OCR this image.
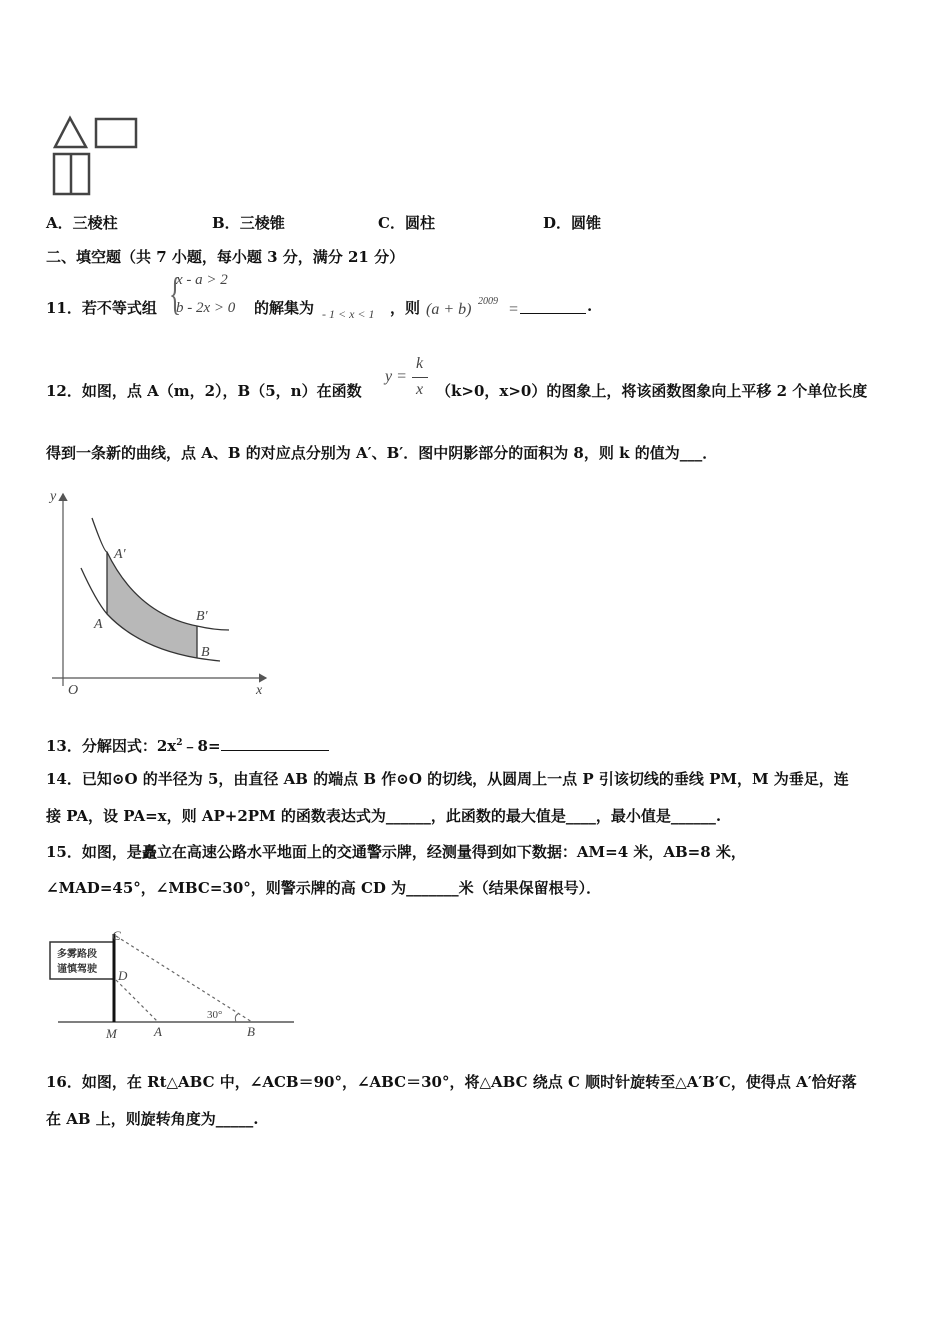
A．三棱柱	B．三棱锥	C．圆柱	D．圆锥
二、填空题（共 7 小题，每小题 3 分，满分 21 分）
11．若不等式组 {
x - a > 2
b - 2x > 0 的解集为 - 1 < x < 1 ，则 (a + b) 2009 =	.
12．如图，点 A（m，2），B（5，n）在函数
y =
k
x （k>0，x>0）的图象上，将该函数图象向上平移 2 个单位长度
得到一条新的曲线，点 A、B 的对应点分别为 A′、B′．图中阴影部分的面积为 8，则 k 的值为___．
y
x
O
A′
A
B′
B
13．分解因式：$2x^2﹣8=$
14．已知⊙O 的半径为 5，由直径 AB 的端点 B 作⊙O 的切线，从圆周上一点 P 引该切线的垂线 PM，M 为垂足，连
接 PA，设 PA=x，则 AP+2PM 的函数表达式为______，此函数的最大值是____，最小值是______.
15．如图，是矗立在高速公路水平地面上的交通警示牌，经测量得到如下数据：AM=4 米，AB=8 米，
∠MAD=45°，∠MBC=30°，则警示牌的高 CD 为_______米（结果保留根号）．
多雾路段
谨慎驾驶
C
D
M	A	B
30°
16．如图，在 Rt△ABC 中，∠ACB＝90°，∠ABC＝30°，将△ABC 绕点 C 顺时针旋转至△A′B′C，使得点 A′恰好落
在 AB 上，则旋转角度为_____.
